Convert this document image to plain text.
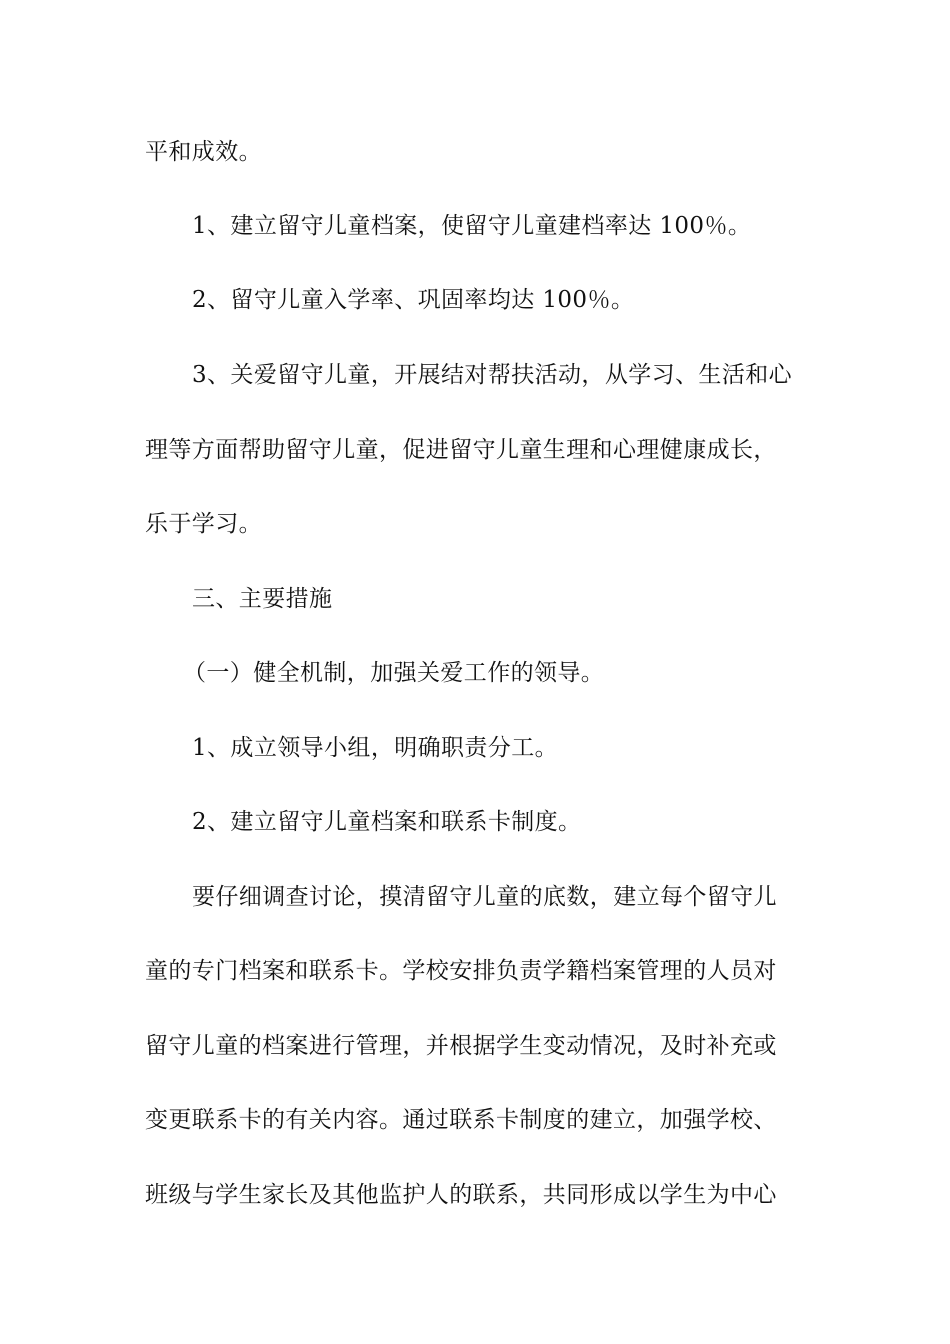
平和成效。
1、建立留守儿童档案，使留守儿童建档率达 100％。
2、留守儿童入学率、巩固率均达 100％。
3、关爱留守儿童，开展结对帮扶活动，从学习、生活和心
理等方面帮助留守儿童，促进留守儿童生理和心理健康成长，
乐于学习。
三、主要措施
（一）健全机制，加强关爱工作的领导。
1、成立领导小组，明确职责分工。
2、建立留守儿童档案和联系卡制度。
要仔细调查讨论，摸清留守儿童的底数，建立每个留守儿
童的专门档案和联系卡。学校安排负责学籍档案管理的人员对
留守儿童的档案进行管理，并根据学生变动情况，及时补充或
变更联系卡的有关内容。通过联系卡制度的建立，加强学校、
班级与学生家长及其他监护人的联系，共同形成以学生为中心
